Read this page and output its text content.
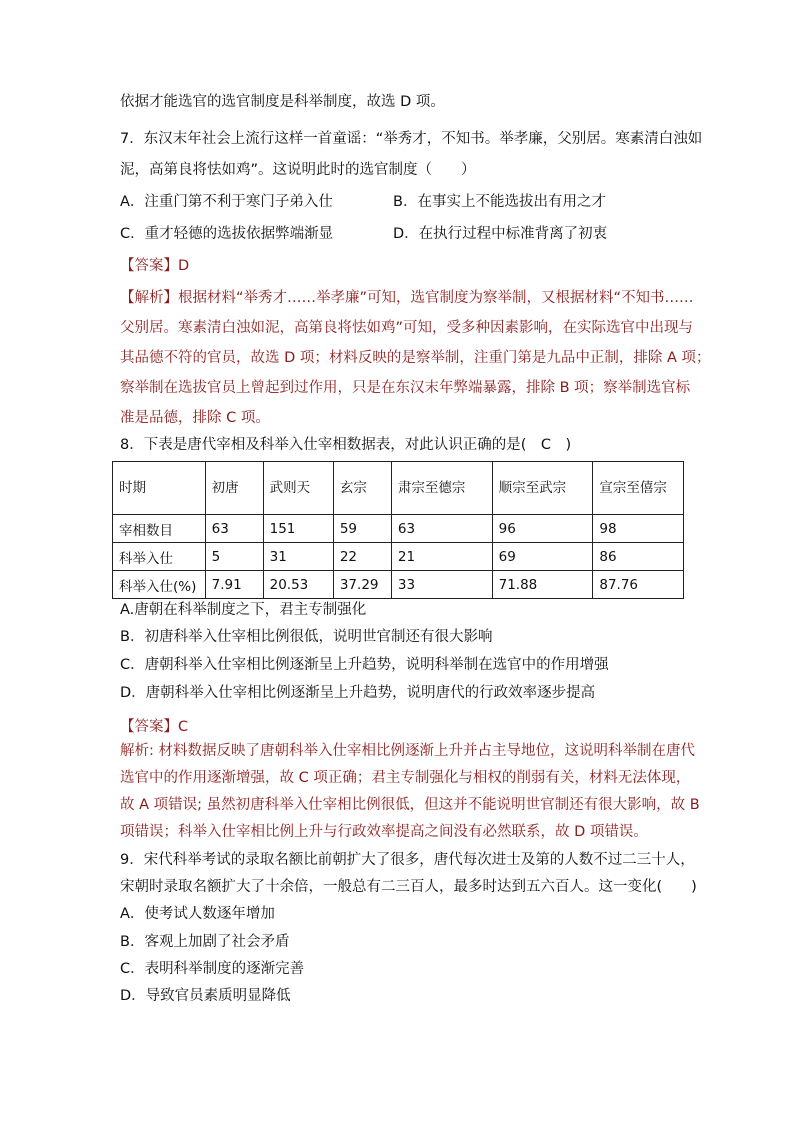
依据才能选官的选官制度是科举制度，故选 D 项。
7．东汉末年社会上流行这样一首童谣：“举秀才，不知书。举孝廉，父别居。寒素清白浊如
泥，高第良将怯如鸡”。这说明此时的选官制度（　　）
A．注重门第不利于寒门子弟入仕	B．在事实上不能选拔出有用之才
C．重才轻德的选拔依据弊端渐显	D．在执行过程中标准背离了初衷
【答案】D
【解析】根据材料“举秀才……举孝廉”可知，选官制度为察举制，又根据材料“不知书……
父别居。寒素清白浊如泥，高第良将怯如鸡”可知，受多种因素影响，在实际选官中出现与
其品德不符的官员，故选 D 项；材料反映的是察举制，注重门第是九品中正制，排除 A 项；
察举制在选拔官员上曾起到过作用，只是在东汉末年弊端暴露，排除 B 项；察举制选官标
准是品德，排除 C 项。
8．下表是唐代宰相及科举入仕宰相数据表，对此认识正确的是(　C　)
时期	初唐	武则天	玄宗	肃宗至德宗	顺宗至武宗	宣宗至僖宗
宰相数目	63	151	59	63	96	98
科举入仕	5	31	22	21	69	86
科举入仕(%)	7.91	20.53	37.29	33	71.88	87.76
A.唐朝在科举制度之下，君主专制强化
B．初唐科举入仕宰相比例很低，说明世官制还有很大影响
C．唐朝科举入仕宰相比例逐渐呈上升趋势，说明科举制在选官中的作用增强
D．唐朝科举入仕宰相比例逐渐呈上升趋势，说明唐代的行政效率逐步提高
【答案】C
解析: 材料数据反映了唐朝科举入仕宰相比例逐渐上升并占主导地位，这说明科举制在唐代
选官中的作用逐渐增强，故 C 项正确；君主专制强化与相权的削弱有关，材料无法体现，
故 A 项错误; 虽然初唐科举入仕宰相比例很低，但这并不能说明世官制还有很大影响，故 B
项错误；科举入仕宰相比例上升与行政效率提高之间没有必然联系，故 D 项错误。
9．宋代科举考试的录取名额比前朝扩大了很多，唐代每次进士及第的人数不过二三十人，
宋朝时录取名额扩大了十余倍，一般总有二三百人，最多时达到五六百人。这一变化(　　)
A．使考试人数逐年增加
B．客观上加剧了社会矛盾
C．表明科举制度的逐渐完善
D．导致官员素质明显降低
